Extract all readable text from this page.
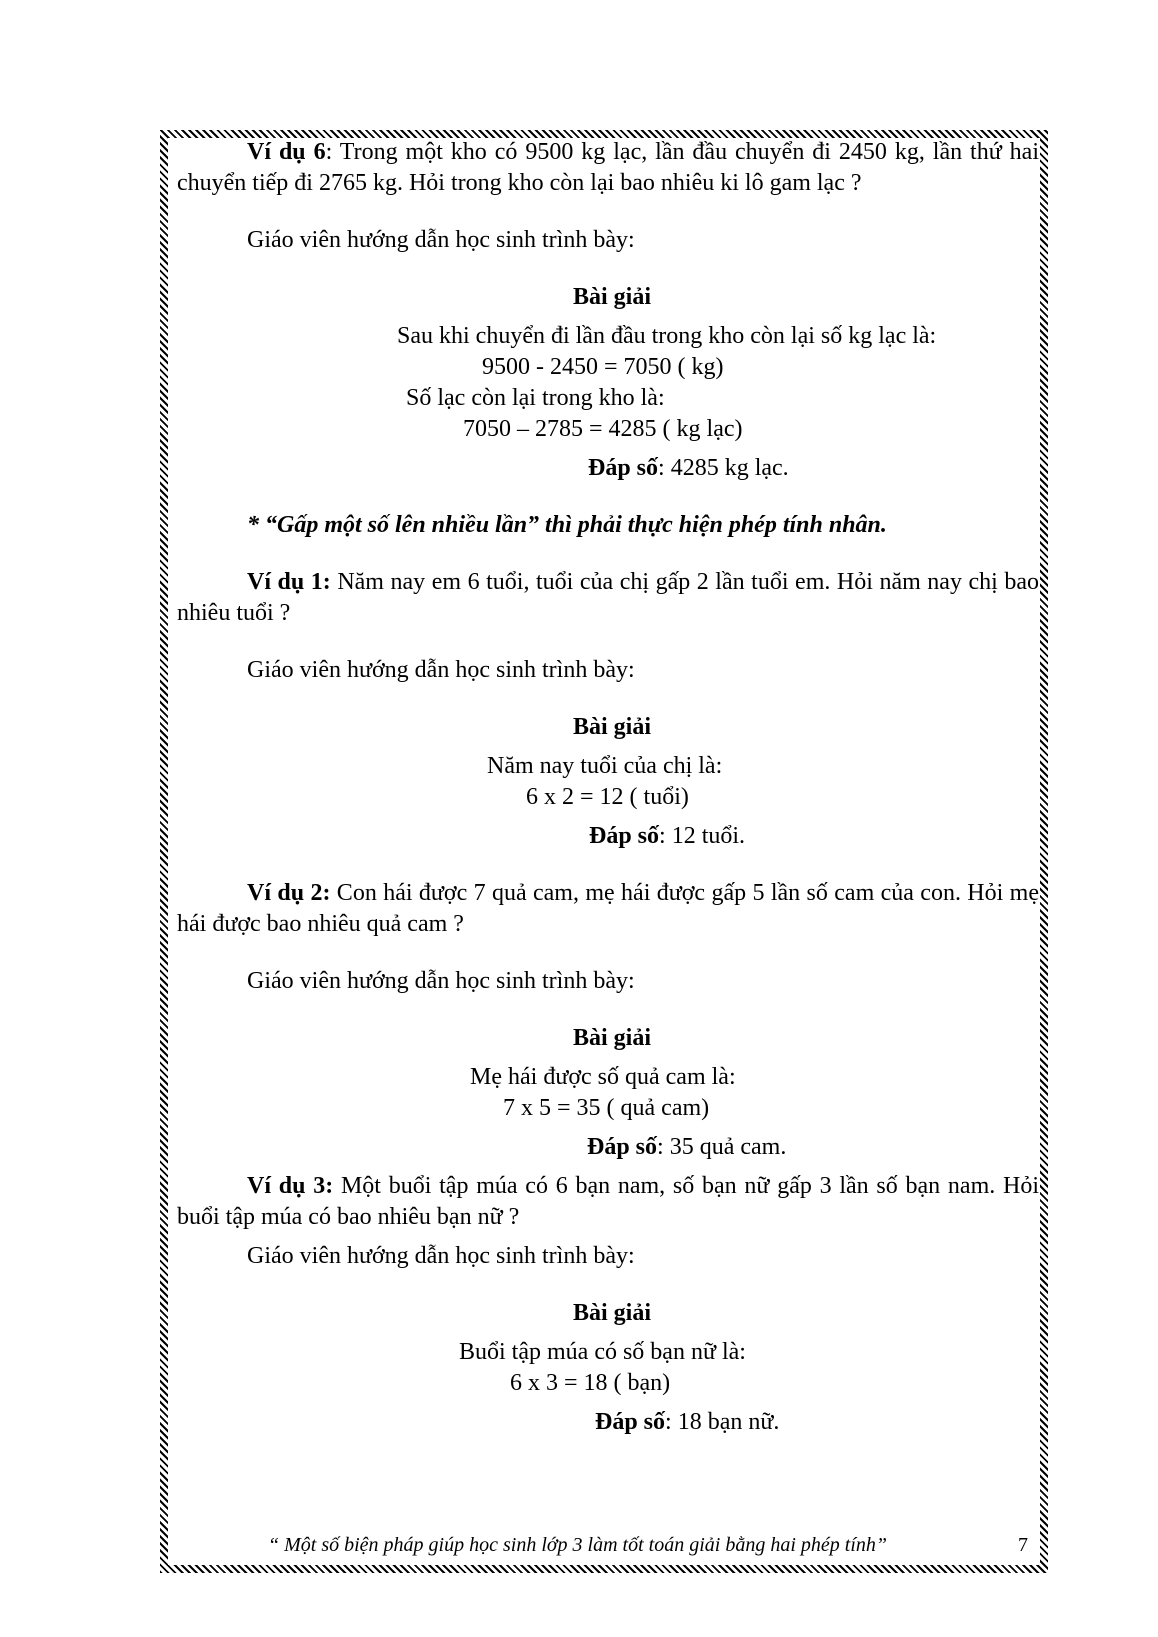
Ví dụ 6: Trong một kho có 9500 kg lạc, lần đầu chuyển đi 2450 kg, lần thứ hai chuyển tiếp đi 2765 kg. Hỏi trong kho còn lại bao nhiêu ki lô gam lạc ?

Giáo viên hướng dẫn học sinh trình bày:

Bài giải

Sau khi chuyển đi lần đầu trong kho còn lại số kg lạc là:

9500 - 2450 = 7050 ( kg)

Số lạc còn lại trong kho là:

7050 – 2785 = 4285 ( kg lạc)

Đáp số: 4285 kg lạc.

* “Gấp một số lên nhiều lần” thì phải thực hiện phép tính nhân.

Ví dụ 1: Năm nay em 6 tuổi, tuổi của chị gấp 2 lần tuổi em. Hỏi năm nay chị bao nhiêu tuổi ?

Giáo viên hướng dẫn học sinh trình bày:

Bài giải

Năm nay tuổi của chị là:

6 x 2 = 12 ( tuổi)

Đáp số: 12 tuổi.

Ví dụ 2: Con hái được 7 quả cam, mẹ hái được gấp 5 lần số cam của con. Hỏi mẹ hái được bao nhiêu quả cam ?

Giáo viên hướng dẫn học sinh trình bày:

Bài giải

Mẹ hái được số quả cam là:

7 x 5 = 35 ( quả cam)

Đáp số: 35 quả cam.

Ví dụ 3: Một buổi tập múa có 6 bạn nam, số bạn nữ gấp 3 lần số bạn nam. Hỏi buổi tập múa có bao nhiêu bạn nữ ?

Giáo viên hướng dẫn học sinh trình bày:

Bài giải

Buổi tập múa có số bạn nữ là:

6 x 3 = 18 ( bạn)

Đáp số: 18 bạn nữ.

“ Một số biện pháp giúp học sinh lớp 3 làm tốt toán giải bằng hai phép tính”	7
